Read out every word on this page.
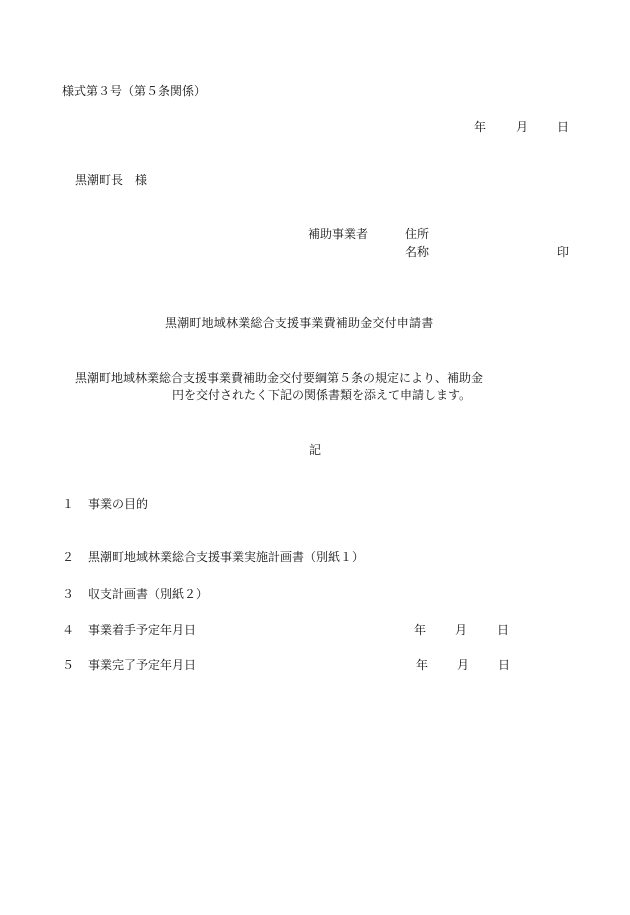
様式第３号（第５条関係）
年 月 日
黒潮町長　様
補助事業者	住所
名称	印
黒潮町地域林業総合支援事業費補助金交付申請書
黒潮町地域林業総合支援事業費補助金交付要綱第５条の規定により、補助金
円を交付されたく下記の関係書類を添えて申請します。
記
１ 事業の目的
２ 黒潮町地域林業総合支援事業実施計画書（別紙１）
３ 収支計画書（別紙２）
４ 事業着手予定年月日	年 月 日
５ 事業完了予定年月日	年 月 日
